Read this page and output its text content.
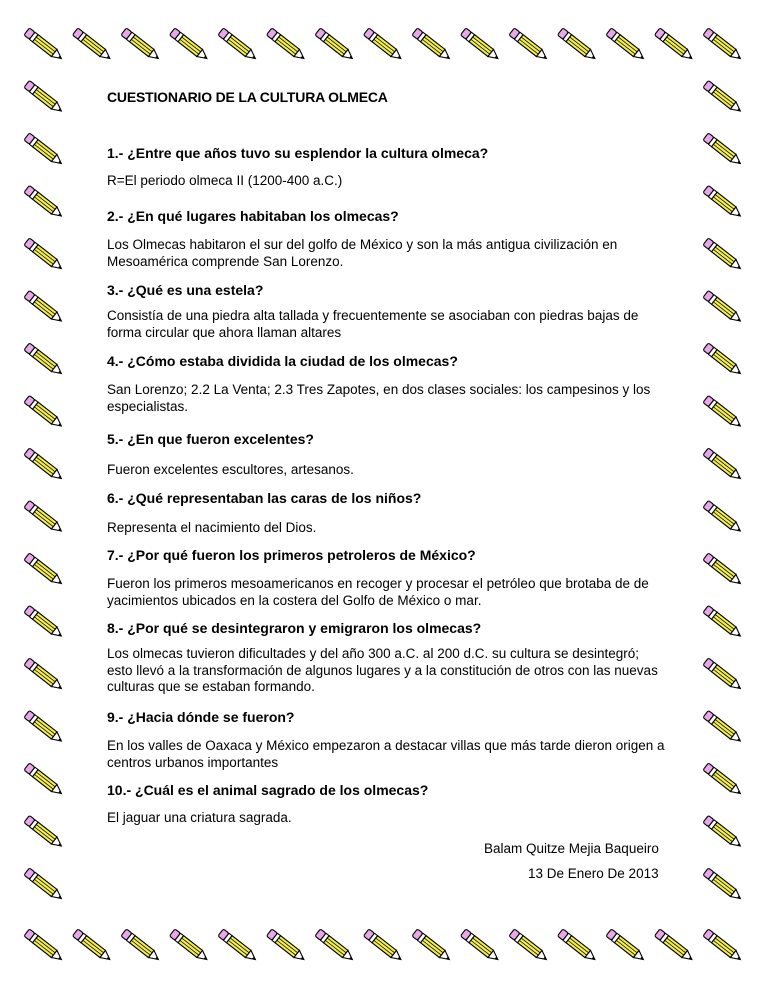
CUESTIONARIO DE LA CULTURA OLMECA
1.- ¿Entre que años tuvo su esplendor la cultura olmeca?
R=El periodo olmeca II (1200-400 a.C.)
2.- ¿En qué lugares habitaban los olmecas?
Los Olmecas habitaron el sur del golfo de México y son la más antigua civilización en Mesoamérica comprende San Lorenzo.
3.- ¿Qué es una estela?
Consistía de una piedra alta tallada y frecuentemente se asociaban con piedras bajas de forma circular que ahora llaman altares
4.- ¿Cómo estaba dividida la ciudad de los olmecas?
San Lorenzo; 2.2 La Venta; 2.3 Tres Zapotes, en dos clases sociales: los campesinos y los especialistas.
5.- ¿En que fueron excelentes?
Fueron excelentes escultores, artesanos.
6.- ¿Qué representaban las caras de los niños?
Representa el nacimiento del Dios.
7.- ¿Por qué fueron los primeros petroleros de México?
Fueron los primeros mesoamericanos en recoger y procesar el petróleo que brotaba de de yacimientos ubicados en la costera del Golfo de México o mar.
8.- ¿Por qué se desintegraron y emigraron los olmecas?
Los olmecas tuvieron dificultades y del año 300 a.C. al 200 d.C. su cultura se desintegró; esto llevó a la transformación de algunos lugares y a la constitución de otros con las nuevas culturas que se estaban formando.
9.- ¿Hacia dónde se fueron?
En los valles de Oaxaca y México empezaron a destacar villas que más tarde dieron origen a centros urbanos importantes
10.- ¿Cuál es el animal sagrado de los olmecas?
El jaguar una criatura sagrada.
Balam Quitze Mejia Baqueiro
13 De Enero De 2013
